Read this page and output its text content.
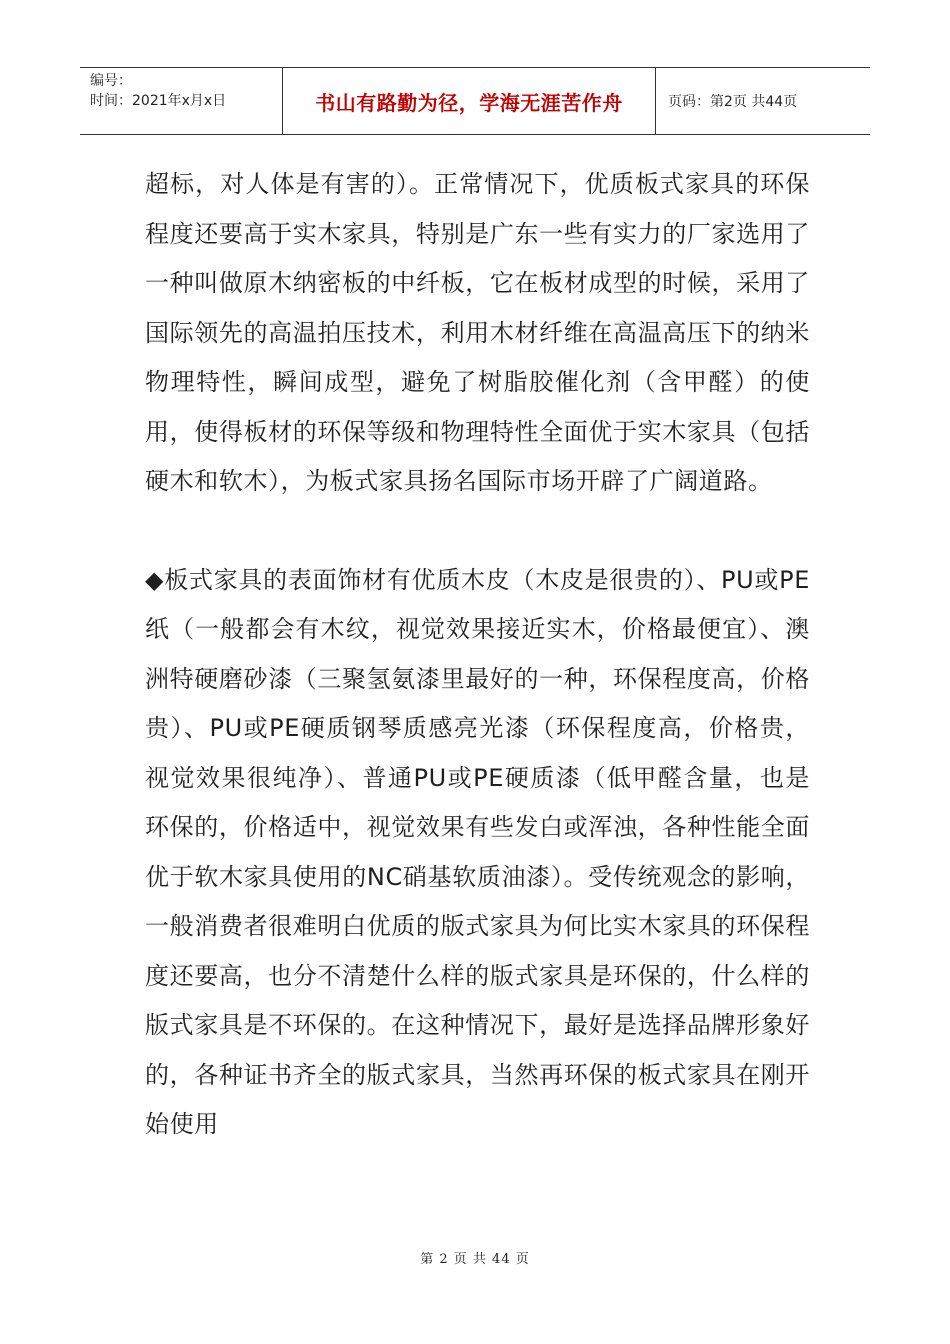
编号：
时间：2021年x月x日	书山有路勤为径，学海无涯苦作舟	页码：第2页 共44页

超标，对人体是有害的）。正常情况下，优质板式家具的环保程度还要高于实木家具，特别是广东一些有实力的厂家选用了一种叫做原木纳密板的中纤板，它在板材成型的时候，采用了国际领先的高温拍压技术，利用木材纤维在高温高压下的纳米物理特性，瞬间成型，避免了树脂胶催化剂（含甲醛）的使用，使得板材的环保等级和物理特性全面优于实木家具（包括硬木和软木），为板式家具扬名国际市场开辟了广阔道路。

◆板式家具的表面饰材有优质木皮（木皮是很贵的）、PU或PE纸（一般都会有木纹，视觉效果接近实木，价格最便宜）、澳洲特硬磨砂漆（三聚氢氨漆里最好的一种，环保程度高，价格贵）、PU或PE硬质钢琴质感亮光漆（环保程度高，价格贵，视觉效果很纯净）、普通PU或PE硬质漆（低甲醛含量，也是环保的，价格适中，视觉效果有些发白或浑浊，各种性能全面优于软木家具使用的NC硝基软质油漆）。受传统观念的影响，一般消费者很难明白优质的版式家具为何比实木家具的环保程度还要高，也分不清楚什么样的版式家具是环保的，什么样的版式家具是不环保的。在这种情况下，最好是选择品牌形象好的，各种证书齐全的版式家具，当然再环保的板式家具在刚开始使用

第 2 页 共 44 页
